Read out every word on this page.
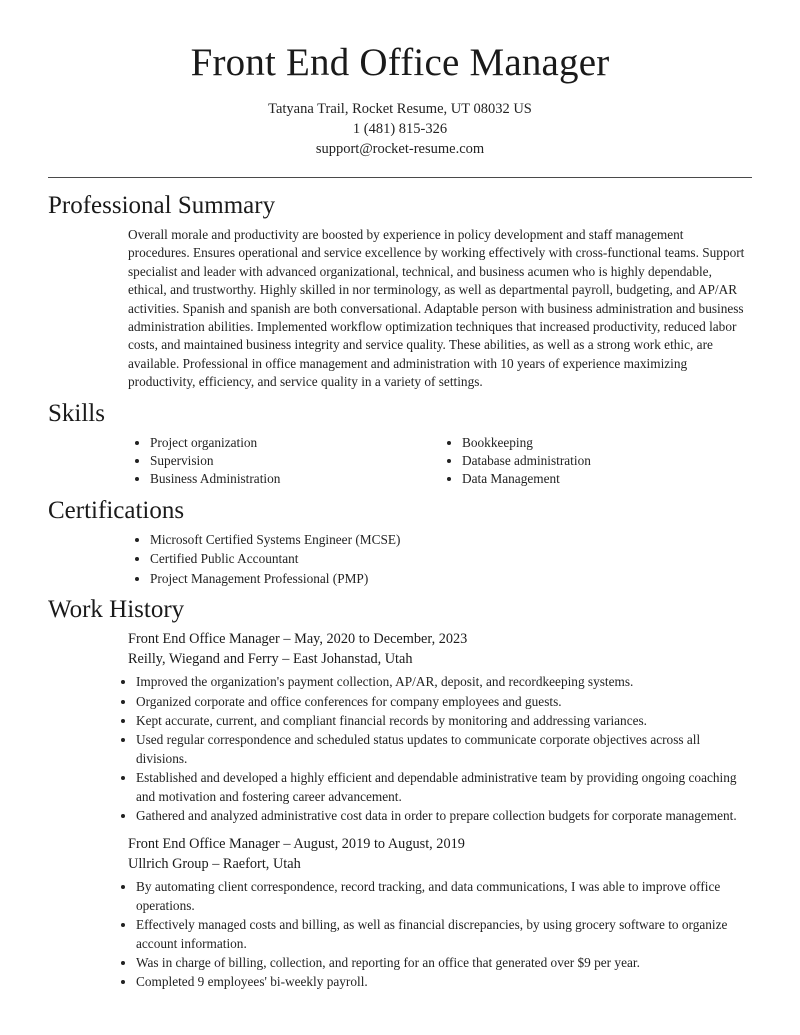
Front End Office Manager
Tatyana Trail, Rocket Resume, UT 08032 US
1 (481) 815-326
support@rocket-resume.com
Professional Summary

Overall morale and productivity are boosted by experience in policy development and staff management procedures. Ensures operational and service excellence by working effectively with cross-functional teams. Support specialist and leader with advanced organizational, technical, and business acumen who is highly dependable, ethical, and trustworthy. Highly skilled in nor terminology, as well as departmental payroll, budgeting, and AP/AR activities. Spanish and spanish are both conversational. Adaptable person with business administration and business administration abilities. Implemented workflow optimization techniques that increased productivity, reduced labor costs, and maintained business integrity and service quality. These abilities, as well as a strong work ethic, are available. Professional in office management and administration with 10 years of experience maximizing productivity, efficiency, and service quality in a variety of settings.

Skills
• Project organization
• Supervision
• Business Administration
• Bookkeeping
• Database administration
• Data Management
Certifications
• Microsoft Certified Systems Engineer (MCSE)
• Certified Public Accountant
• Project Management Professional (PMP)
Work History
Front End Office Manager – May, 2020 to December, 2023
Reilly, Wiegand and Ferry – East Johanstad, Utah
• Improved the organization's payment collection, AP/AR, deposit, and recordkeeping systems.
• Organized corporate and office conferences for company employees and guests.
• Kept accurate, current, and compliant financial records by monitoring and addressing variances.
• Used regular correspondence and scheduled status updates to communicate corporate objectives across all divisions.
• Established and developed a highly efficient and dependable administrative team by providing ongoing coaching and motivation and fostering career advancement.
• Gathered and analyzed administrative cost data in order to prepare collection budgets for corporate management.
Front End Office Manager – August, 2019 to August, 2019
Ullrich Group – Raefort, Utah
• By automating client correspondence, record tracking, and data communications, I was able to improve office operations.
• Effectively managed costs and billing, as well as financial discrepancies, by using grocery software to organize account information.
• Was in charge of billing, collection, and reporting for an office that generated over $9 per year.
• Completed 9 employees' bi-weekly payroll.
